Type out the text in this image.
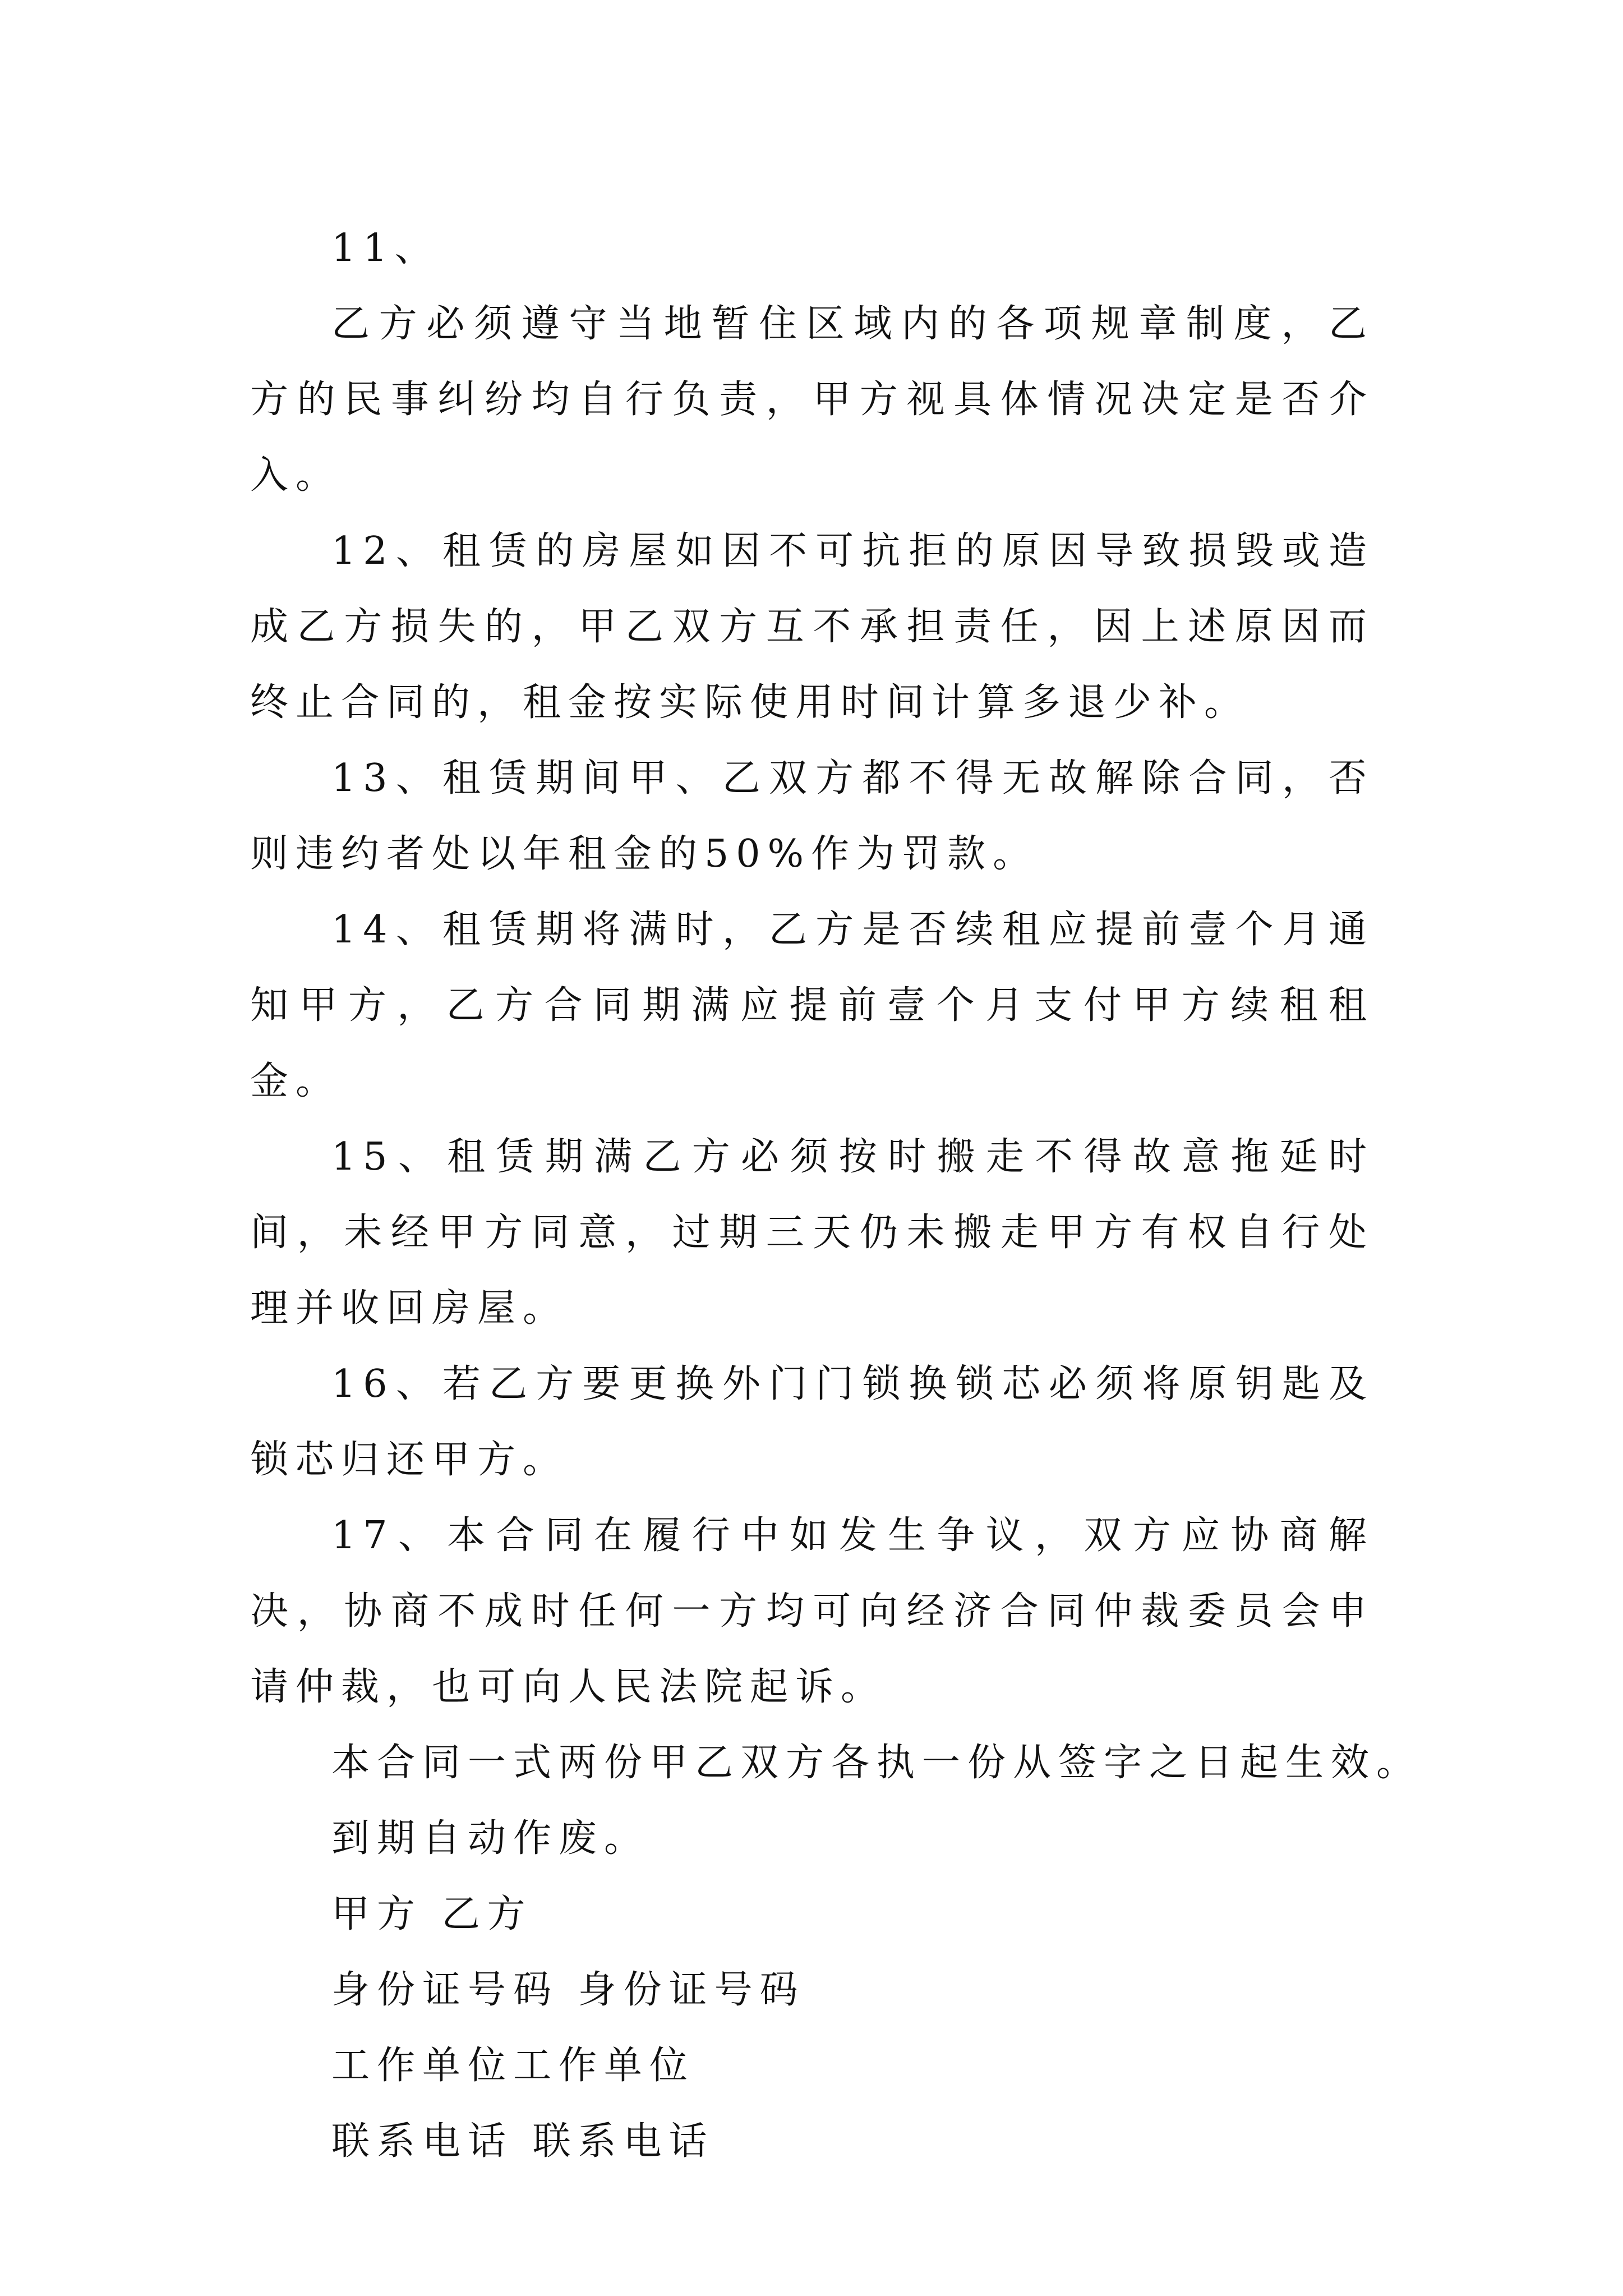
11、

乙方必须遵守当地暂住区域内的各项规章制度，乙方的民事纠纷均自行负责，甲方视具体情况决定是否介入。

12、租赁的房屋如因不可抗拒的原因导致损毁或造成乙方损失的，甲乙双方互不承担责任，因上述原因而终止合同的，租金按实际使用时间计算多退少补。

13、租赁期间甲、乙双方都不得无故解除合同，否则违约者处以年租金的50%作为罚款。

14、租赁期将满时，乙方是否续租应提前壹个月通知甲方，乙方合同期满应提前壹个月支付甲方续租租金。

15、租赁期满乙方必须按时搬走不得故意拖延时间，未经甲方同意，过期三天仍未搬走甲方有权自行处理并收回房屋。

16、若乙方要更换外门门锁换锁芯必须将原钥匙及锁芯归还甲方。

17、本合同在履行中如发生争议，双方应协商解决，协商不成时任何一方均可向经济合同仲裁委员会申请仲裁，也可向人民法院起诉。

本合同一式两份甲乙双方各执一份从签字之日起生效。

到期自动作废。

甲方 乙方

身份证号码 身份证号码

工作单位工作单位

联系电话 联系电话
